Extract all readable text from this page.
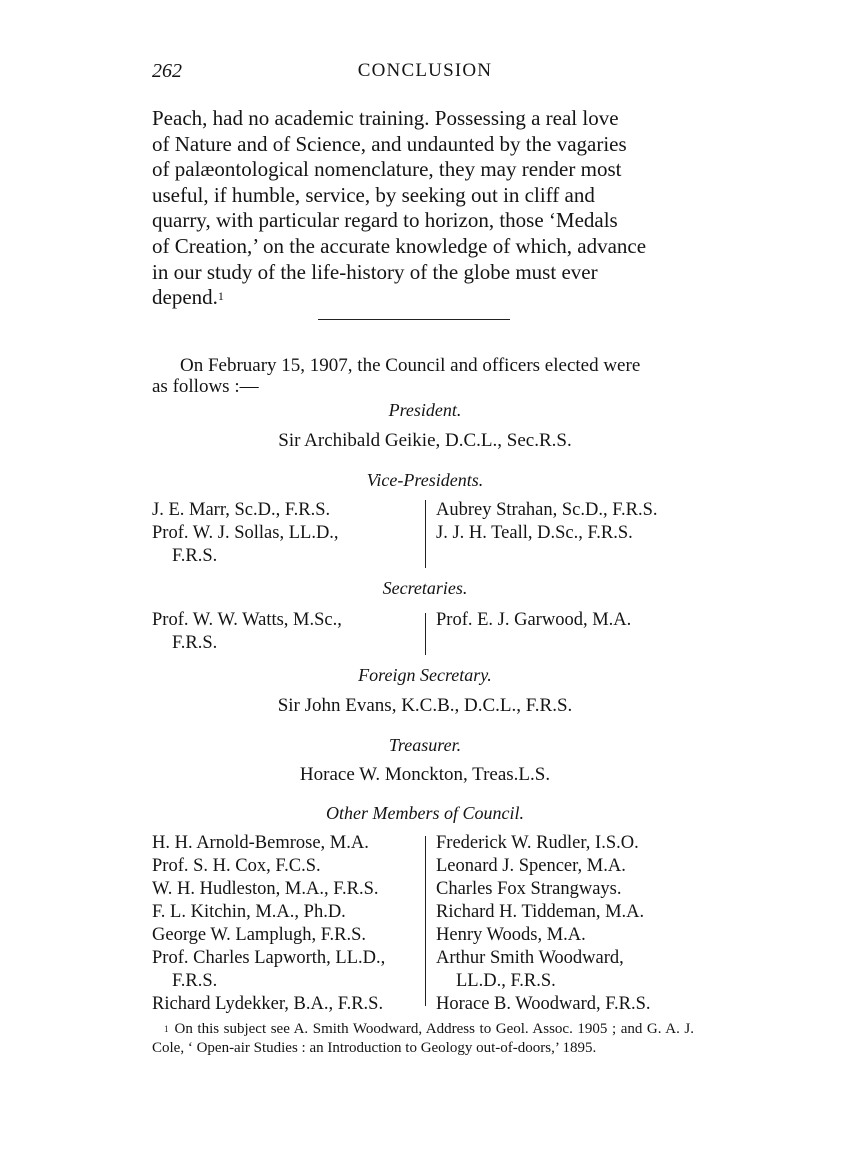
262	CONCLUSION
Peach, had no academic training. Possessing a real love
of Nature and of Science, and undaunted by the vagaries
of palæontological nomenclature, they may render most
useful, if humble, service, by seeking out in cliff and
quarry, with particular regard to horizon, those ‘Medals
of Creation,’ on the accurate knowledge of which, advance
in our study of the life-history of the globe must ever
depend.$^1$
On February 15, 1907, the Council and officers elected were
as follows :—
President.
Sir Archibald Geikie, D.C.L., Sec.R.S.
Vice-Presidents.
J. E. Marr, Sc.D., F.R.S.
Prof. W. J. Sollas, LL.D.,
F.R.S.
Aubrey Strahan, Sc.D., F.R.S.
J. J. H. Teall, D.Sc., F.R.S.
Secretaries.
Prof. W. W. Watts, M.Sc.,
F.R.S.
Prof. E. J. Garwood, M.A.
Foreign Secretary.
Sir John Evans, K.C.B., D.C.L., F.R.S.
Treasurer.
Horace W. Monckton, Treas.L.S.
Other Members of Council.
H. H. Arnold-Bemrose, M.A.
Prof. S. H. Cox, F.C.S.
W. H. Hudleston, M.A., F.R.S.
F. L. Kitchin, M.A., Ph.D.
George W. Lamplugh, F.R.S.
Prof. Charles Lapworth, LL.D.,
F.R.S.
Richard Lydekker, B.A., F.R.S.
Frederick W. Rudler, I.S.O.
Leonard J. Spencer, M.A.
Charles Fox Strangways.
Richard H. Tiddeman, M.A.
Henry Woods, M.A.
Arthur Smith Woodward,
LL.D., F.R.S.
Horace B. Woodward, F.R.S.

$^1$ On this subject see A. Smith Woodward, Address to Geol. Assoc. 1905 ; and G. A. J. Cole, ‘ Open-air Studies : an Introduction to Geology out-of-doors,’ 1895.
